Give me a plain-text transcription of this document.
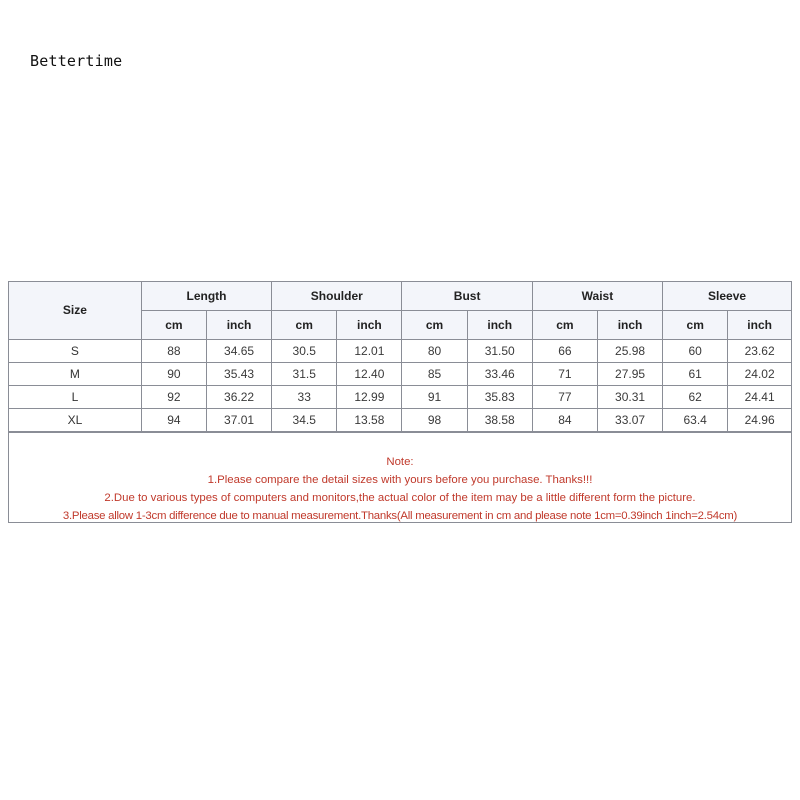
Bettertime
Size	Length		Shoulder		Bust		Waist		Sleeve	
	cm	inch	cm	inch	cm	inch	cm	inch	cm	inch
S	88	34.65	30.5	12.01	80	31.50	66	25.98	60	23.62
M	90	35.43	31.5	12.40	85	33.46	71	27.95	61	24.02
L	92	36.22	33	12.99	91	35.83	77	30.31	62	24.41
XL	94	37.01	34.5	13.58	98	38.58	84	33.07	63.4	24.96
Note:
1.Please compare the detail sizes with yours before you purchase. Thanks!!!
2.Due to various types of computers and monitors,the actual color of the item may be a little different form the picture.
3.Please allow 1-3cm difference due to manual measurement.Thanks(All measurement in cm and please note 1cm=0.39inch 1inch=2.54cm)
